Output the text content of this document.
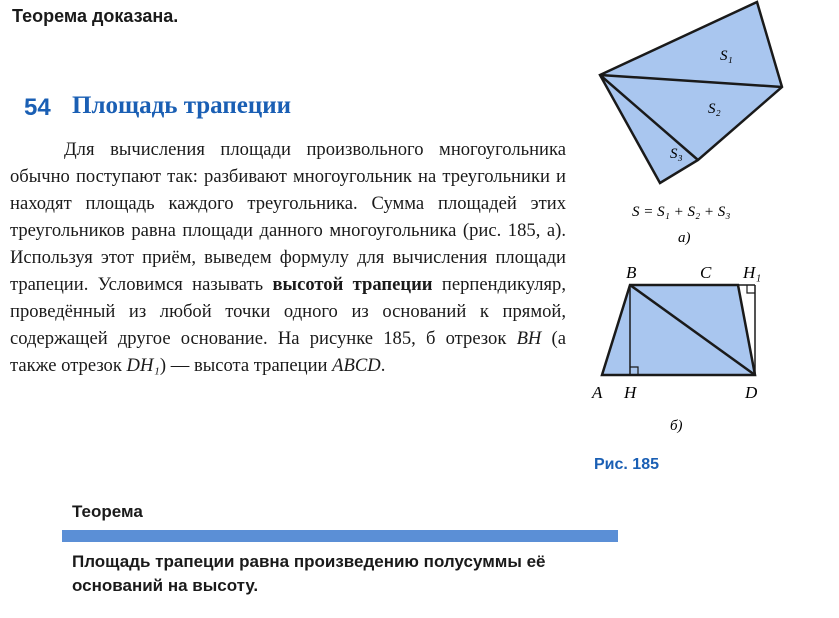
Теорема доказана.
54 Площадь трапеции

Для вычисления площади произвольного многоугольника обычно поступают так: разбивают многоугольник на треугольники и находят площадь каждого треугольника. Сумма площадей этих треугольников равна площади данного многоугольника (рис. 185, а). Используя этот приём, выведем формулу для вычисления площади трапеции. Условимся называть высотой трапеции перпендикуляр, проведённый из любой точки одного из оснований к прямой, содержащей другое основание. На рисунке 185, б отрезок BH (а также отрезок DH₁) — высота трапеции ABCD.

S₁
S₂
S₃
S = S₁ + S₂ + S₃
а)
B	C H₁
A H	D
б)
Рис. 185
Теорема
Площадь трапеции равна произведению полусуммы её оснований на высоту.
